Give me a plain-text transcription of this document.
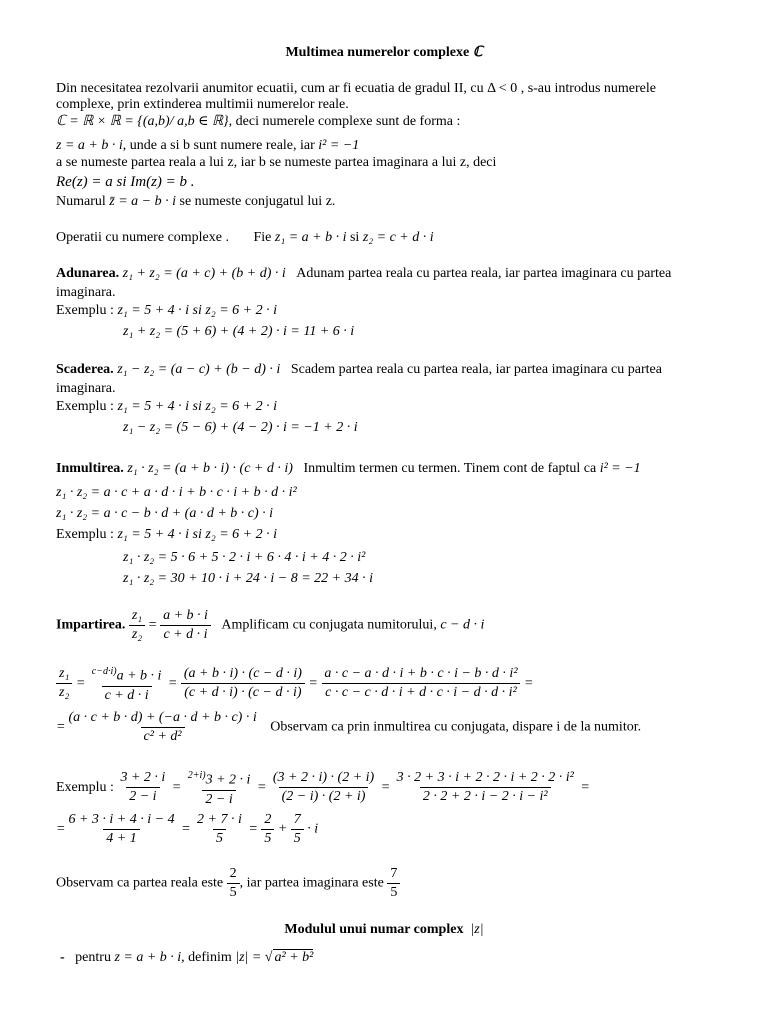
Multimea numerelor complexe ℂ
Din necesitatea rezolvarii anumitor ecuatii, cum ar fi ecuatia de gradul II, cu Δ < 0 , s-au introdus numerele
complexe, prin extinderea multimii numerelor reale.
ℂ = ℝ × ℝ = {(a,b)/ a,b ∈ ℝ}, deci numerele complexe sunt de forma :
z = a + b · i, unde a si b sunt numere reale, iar i² = −1
a se numeste partea reala a lui z, iar b se numeste partea imaginara a lui z, deci
Re(z) = a si Im(z) = b .
Numarul z̄ = a − b · i se numeste conjugatul lui z.
Operatii cu numere complexe . Fie z₁ = a + b · i si z₂ = c + d · i
Adunarea. z₁ + z₂ = (a + c) + (b + d) · i Adunam partea reala cu partea reala, iar partea imaginara cu partea
imaginara.
Exemplu : z₁ = 5 + 4 · i si z₂ = 6 + 2 · i
z₁ + z₂ = (5 + 6) + (4 + 2) · i = 11 + 6 · i
Scaderea. z₁ − z₂ = (a − c) + (b − d) · i Scadem partea reala cu partea reala, iar partea imaginara cu partea
imaginara.
Exemplu : z₁ = 5 + 4 · i si z₂ = 6 + 2 · i
z₁ − z₂ = (5 − 6) + (4 − 2) · i = −1 + 2 · i
Inmultirea. z₁ · z₂ = (a + b · i) · (c + d · i) Inmultim termen cu termen. Tinem cont de faptul ca i² = −1
z₁ · z₂ = a · c + a · d · i + b · c · i + b · d · i²
z₁ · z₂ = a · c − b · d + (a · d + b · c) · i
Exemplu : z₁ = 5 + 4 · i si z₂ = 6 + 2 · i
z₁ · z₂ = 5 · 6 + 5 · 2 · i + 6 · 4 · i + 4 · 2 · i²
z₁ · z₂ = 30 + 10 · i + 24 · i − 8 = 22 + 34 · i
Impartirea. $\frac{\text{z₁}}{\text{z₂}} = \frac{a + b \cdot i}{c + d \cdot i}$ Amplificam cu conjugata numitorului, c − d · i
$\frac{\text{z₁}}{\text{z₂}} = \frac{^{c-d\cdot i)}a + b \cdot i}{c + d \cdot i} = \frac{(a + b \cdot i) \cdot (c - d \cdot i)}{(c + d \cdot i) \cdot (c - d \cdot i)} = \frac{\text{a · c − a · d · i + b · c · i − b · d · i²}}{\text{c · c − c · d · i + d · c · i − d · d · i²}}$ =
= $\frac{(a \cdot c + b \cdot d) + (-a \cdot d + b \cdot c) \cdot i}{\text{c² + d²}}$ Observam ca prin inmultirea cu conjugata, dispare i de la numitor.
Exemplu : $\frac{3 + 2 \cdot i}{2 - i} = \frac{^{2+i)}3 + 2 \cdot i}{2 - i} = \frac{(3 + 2 \cdot i) \cdot (2 + i)}{(2 - i) \cdot (2 + i)} = \frac{\text{3 · 2 + 3 · i + 2 · 2 · i + 2 · 2 · i²}}{\text{2 · 2 + 2 · i − 2 · i − i²}}$ =
= $\frac{6 + 3 \cdot i + 4 \cdot i - 4}{4 + 1} = \frac{2 + 7 \cdot i}{5} = \frac{2}{5} + \frac{7}{5} \cdot i$
Observam ca partea reala este $\frac{2}{5}$ , iar partea imaginara este $\frac{7}{5}$
Modulul unui numar complex |z|
- pentru z = a + b · i, definim |z| = √ a² + b²
